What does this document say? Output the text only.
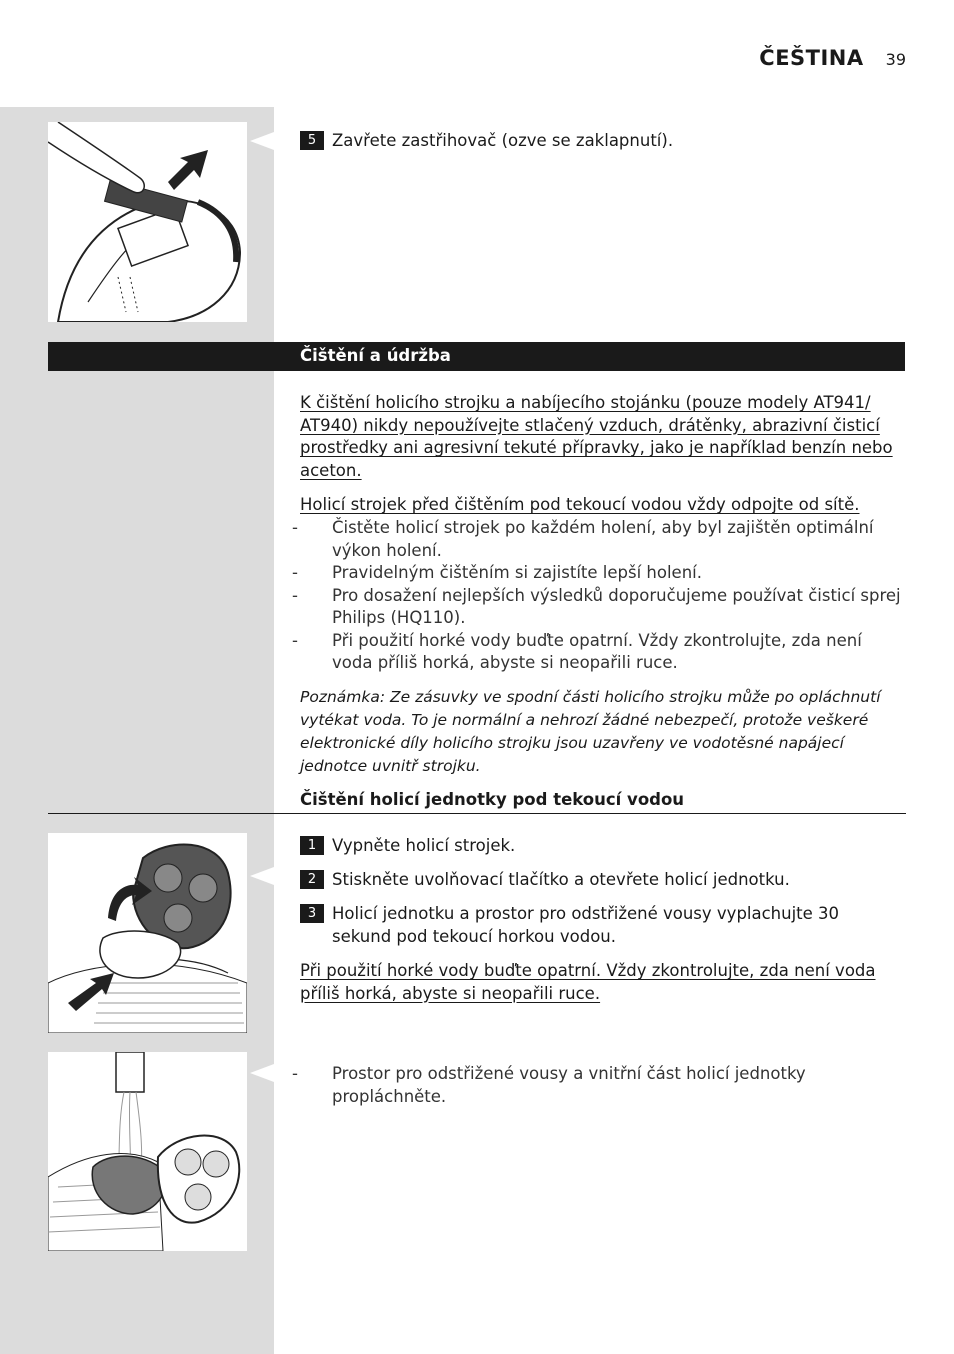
ČEŠTINA 39
5 Zavřete zastřihovač (ozve se zaklapnutí).
Čištění a údržba
K čištění holicího strojku a nabíjecího stojánku (pouze modely AT941/ AT940) nikdy nepoužívejte stlačený vzduch, drátěnky, abrazivní čisticí prostředky ani agresivní tekuté přípravky, jako je například benzín nebo aceton.
Holicí strojek před čištěním pod tekoucí vodou vždy odpojte od sítě.
-	Čistěte holicí strojek po každém holení, aby byl zajištěn optimální výkon holení.
-	Pravidelným čištěním si zajistíte lepší holení.
-	Pro dosažení nejlepších výsledků doporučujeme používat čisticí sprej Philips (HQ110).
-	Při použití horké vody buďte opatrní. Vždy zkontrolujte, zda není voda příliš horká, abyste si neopařili ruce.
Poznámka: Ze zásuvky ve spodní části holicího strojku může po opláchnutí vytékat voda. To je normální a nehrozí žádné nebezpečí, protože veškeré elektronické díly holicího strojku jsou uzavřeny ve vodotěsné napájecí jednotce uvnitř strojku.
Čištění holicí jednotky pod tekoucí vodou
1 Vypněte holicí strojek.
2 Stiskněte uvolňovací tlačítko a otevřete holicí jednotku.
3 Holicí jednotku a prostor pro odstřižené vousy vyplachujte 30 sekund pod tekoucí horkou vodou.
Při použití horké vody buďte opatrní. Vždy zkontrolujte, zda není voda příliš horká, abyste si neopařili ruce.
-	Prostor pro odstřižené vousy a vnitřní část holicí jednotky propláchněte.
